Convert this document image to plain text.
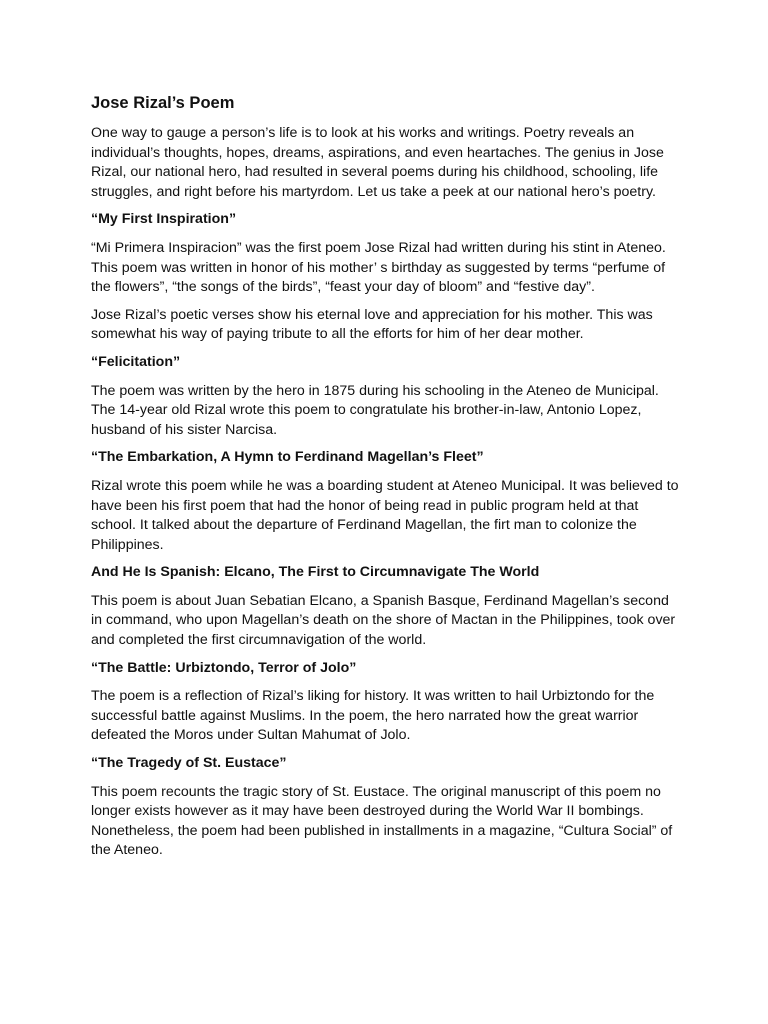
Jose Rizal’s Poem

One way to gauge a person’s life is to look at his works and writings. Poetry reveals an individual’s thoughts, hopes, dreams, aspirations, and even heartaches. The genius in Jose Rizal, our national hero, had resulted in several poems during his childhood, schooling, life struggles, and right before his martyrdom. Let us take a peek at our national hero’s poetry.

“My First Inspiration”

“Mi Primera Inspiracion” was the first poem Jose Rizal had written during his stint in Ateneo. This poem was written in honor of his mother’ s birthday as suggested by terms “perfume of the flowers”, “the songs of the birds”, “feast your day of bloom” and “festive day”.

Jose Rizal’s poetic verses show his eternal love and appreciation for his mother. This was somewhat his way of paying tribute to all the efforts for him of her dear mother.

“Felicitation”

The poem was written by the hero in 1875 during his schooling in the Ateneo de Municipal. The 14-year old Rizal wrote this poem to congratulate his brother-in-law, Antonio Lopez, husband of his sister Narcisa.

“The Embarkation, A Hymn to Ferdinand Magellan’s Fleet”

Rizal wrote this poem while he was a boarding student at Ateneo Municipal. It was believed to have been his first poem that had the honor of being read in public program held at that school. It talked about the departure of Ferdinand Magellan, the firt man to colonize the Philippines.

And He Is Spanish: Elcano, The First to Circumnavigate The World

This poem is about Juan Sebatian Elcano, a Spanish Basque, Ferdinand Magellan’s second in command, who upon Magellan’s death on the shore of Mactan in the Philippines, took over and completed the first circumnavigation of the world.

“The Battle: Urbiztondo, Terror of Jolo”

The poem is a reflection of Rizal’s liking for history. It was written to hail Urbiztondo for the successful battle against Muslims. In the poem, the hero narrated how the great warrior defeated the Moros under Sultan Mahumat of Jolo.

“The Tragedy of St. Eustace”

This poem recounts the tragic story of St. Eustace. The original manuscript of this poem no longer exists however as it may have been destroyed during the World War II bombings. Nonetheless, the poem had been published in installments in a magazine, “Cultura Social” of the Ateneo.
